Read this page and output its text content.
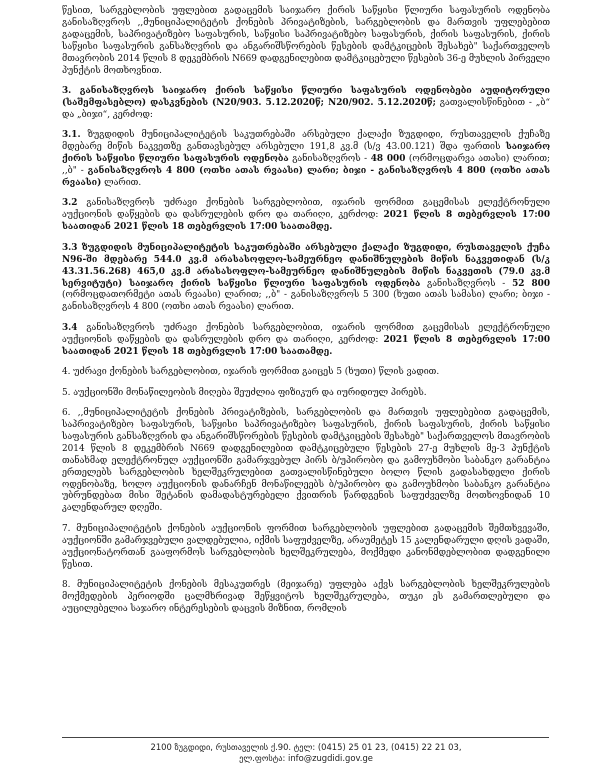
წესით, სარგებლობის უფლებით გადაცემის საიჯარო ქირის საწყისი წლიური საფასურის ოდენობა განისაზღვროს ,,მუნიციპალიტეტის ქონების პრივატიზების, სარგებლობის და მართვის უფლებებით გადაცემის, საპრივატიზებო საფასურის, საწყისი საპრივატიზებო საფასურის, ქირის საფასურის, ქირის საწყისი საფასურის განსაზღვრის და ანგარიშსწორების წესების დამტკიცების შესახებ" საქართველოს მთავრობის 2014 წლის 8 დეკემბრის N669 დადგენილებით დამტკიცებული წესების 36-ე მუხლის პირველი პუნქტის მოთხოვნით.

3. განისაზღვროს საიჯარო ქირის საწყისი წლიური საფასურის ოდენობები აუდიტორული (საშემფასებლო) დასკვნების (N20/903. 5.12.2020წ; N20/902. 5.12.2020წ; გათვალისწინებით - „ბ“ და „ბიჯი“, კერძოდ:

3.1. ზუგდიდის მუნიციპალიტეტის საკუთრებაში არსებული ქალაქი ზუგდიდი, რუსთაველის ქუჩაზე მდებარე მიწის ნაკვეთზე განთავსებულ არსებული 191,8 კვ.მ (ს/ვ 43.00.121) შდა ფართის საიჯარო ქირის საწყისი წლიური საფასურის ოდენობა განისაზღვროს - 48 000 (ორმოცდარვა ათასი) ლარით; ,,ბ" - განისაზღვროს 4 800 (ოთხი ათას რვაასი) ლარი; ბიჯი - განისაზღვროს 4 800 (ოთხი ათას რვაასი) ლარით.

3.2 განისაზღვროს უძრავი ქონების სარგებლობით, იჯარის ფორმით გაცემისას ელექტრონული აუქციონის დაწყების და დასრულების დრო და თარიღი, კერძოდ: 2021 წლის 8 თებერვლის 17:00 საათიდან 2021 წლის 18 თებერვლის 17:00 საათამდე.

3.3 ზუგდიდის მუნიციპალიტეტის საკუთრებაში არსებული ქალაქი ზუგდიდი, რუსთაველის ქუჩა N96-ში მდებარე 544.0 კვ.მ არასასოფლო-სამეურნეო დანიშნულების მიწის ნაკვეთიდან (ს/კ 43.31.56.268) 465,0 კვ.მ არასასოფლო-სამეურნეო დანიშნულების მიწის ნაკვეთის (79.0 კვ.მ სერვიტუტი) საიჯარო ქირის საწყისი წლიური საფასურის ოდენობა განისაზღვროს - 52 800 (ორმოცდათორმეტი ათას რვაასი) ლარით; ,,ბ" - განისაზღვროს 5 300 (ხუთი ათას სამასი) ლარი; ბიჯი - განისაზღვროს 4 800 (ოთხი ათას რვაასი) ლარით.

3.4 განისაზღვროს უძრავი ქონების სარგებლობით, იჯარის ფორმით გაცემისას ელექტრონული აუქციონის დაწყების და დასრულების დრო და თარიღი, კერძოდ: 2021 წლის 8 თებერვლის 17:00 საათიდან 2021 წლის 18 თებერვლის 17:00 საათამდე.

4. უძრავი ქონების სარგებლობით, იჯარის ფორმით გაიცეს 5 (ხუთი) წლის ვადით.

5. აუქციონში მონაწილეობის მიღება შეუძლია ფიზიკურ და იურიდიულ პირებს.

6. ,,მუნიციპალიტეტის ქონების პრივატიზების, სარგებლობის და მართვის უფლებებით გადაცემის, საპრივატიზებო საფასურის, საწყისი საპრივატიზებო საფასურის, ქირის საფასურის, ქირის საწყისი საფასურის განსაზღვრის და ანგარიშსწორების წესების დამტკიცების შესახებ" საქართველოს მთავრობის 2014 წლის 8 დეკემბრის N669 დადგენილებით დამტკიცებული წესების 27-ე მუხლის მე-3 პუნქტის თანახმად ელექტრონულ აუქციონში გამარჯვებულ პირს ბ/უპირობო და გამოუხმობი საბანკო გარანტია ერთელებს სარგებლობის ხელშეკრულებით გათვალისწინებული ბოლო წლის გადასახდელი ქირის ოდენობაზე, ხოლო აუქციონის დანარჩენ მონაწილეებს ბ/უპირობო და გამოუხმობი საბანკო გარანტია უბრუნდებათ მისი შეტანის დამადასტურებელი ქვითრის წარდგენის საფუძველზე მოთხოვნიდან 10 კალენდარულ დღეში.

7. მუნიციპალიტეტის ქონების აუქციონის ფორმით სარგებლობის უფლებით გადაცემის შემთხვევაში, აუქციონში გამარჯვებული ვალდებულია, იქმის საფუძველზე, არაუმეტეს 15 კალენდარული დღის ვადაში, აუქციონატორთან გააფორმოს სარგებლობის ხელშეკრულება, მოქმედი კანონმდებლობით დადგენილი წესით.

8. მუნიციპალიტეტის ქონების მესაკუთრეს (მეიჯარე) უფლება აქვს სარგებლობის ხელშეკრულების მოქმედების პერიოდში ცალმხრივად შეწყვიტოს ხელშეკრულება, თუკი ეს გამართლებული და აუცილებელია საჯარო ინტერესების დაცვის მიზნით, რომლის

2100 ზუგდიდი, რუსთაველის ქ.90. ტელ: (0415) 25 01 23, (0415) 22 21 03,
ელ.ფოსტა: info@zugdidi.gov.ge
